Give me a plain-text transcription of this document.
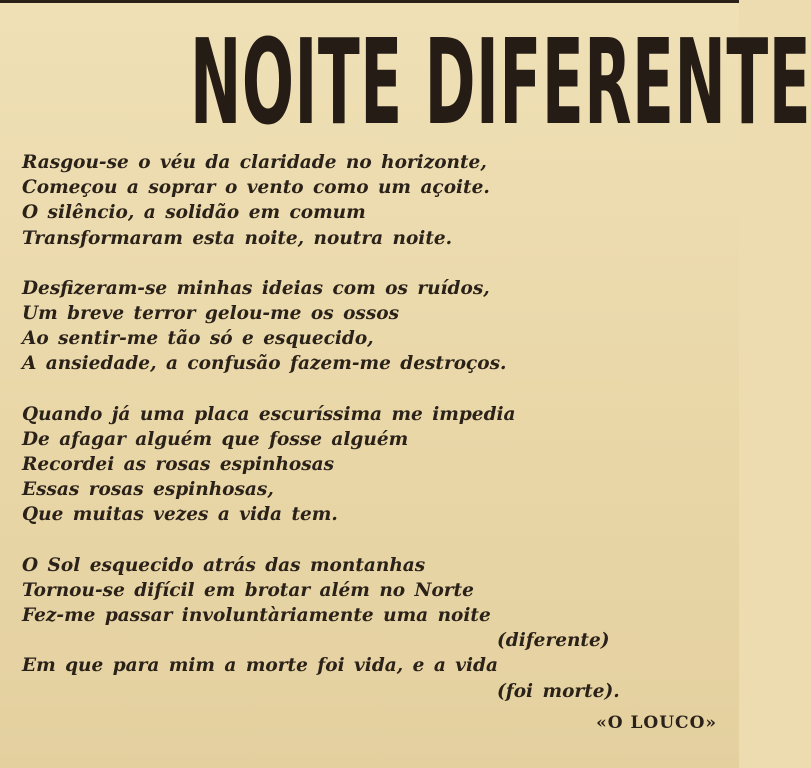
NOITE DIFERENTE
Rasgou-se o véu da claridade no horizonte,
Começou a soprar o vento como um açoite.
O silêncio, a solidão em comum
Transformaram esta noite, noutra noite.
Desfizeram-se minhas ideias com os ruídos,
Um breve terror gelou-me os ossos
Ao sentir-me tão só e esquecido,
A ansiedade, a confusão fazem-me destroços.
Quando já uma placa escuríssima me impedia
De afagar alguém que fosse alguém
Recordei as rosas espinhosas
Essas rosas espinhosas,
Que muitas vezes a vida tem.
O Sol esquecido atrás das montanhas
Tornou-se difícil em brotar além no Norte
Fez-me passar involuntàriamente uma noite
(diferente)
Em que para mim a morte foi vida, e a vida
(foi morte).
«O LOUCO»
